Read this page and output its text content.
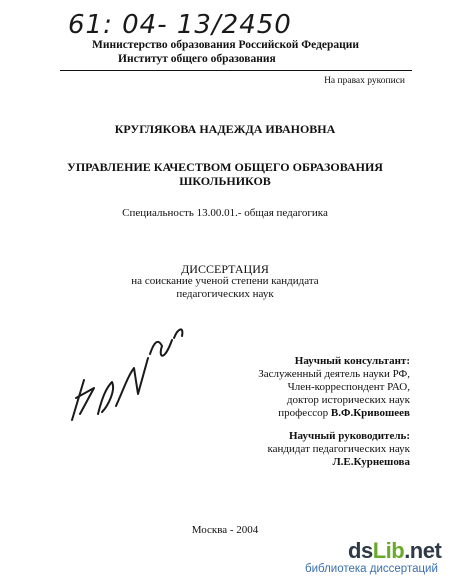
61: 04- 13/2450
Министерство образования Российской Федерации
Институт общего образования
На правах рукописи
КРУГЛЯКОВА НАДЕЖДА ИВАНОВНА
УПРАВЛЕНИЕ КАЧЕСТВОМ ОБЩЕГО ОБРАЗОВАНИЯ
ШКОЛЬНИКОВ
Специальность 13.00.01.- общая педагогика
ДИССЕРТАЦИЯ
на соискание ученой степени кандидата
педагогических наук
Научный консультант:
Заслуженный деятель науки РФ,
Член-корреспондент РАО,
доктор исторических наук
профессор В.Ф.Кривошеев
Научный руководитель:
кандидат педагогических наук
Л.Е.Курнешова
Москва - 2004
dsLib.net
библиотека диссертаций
